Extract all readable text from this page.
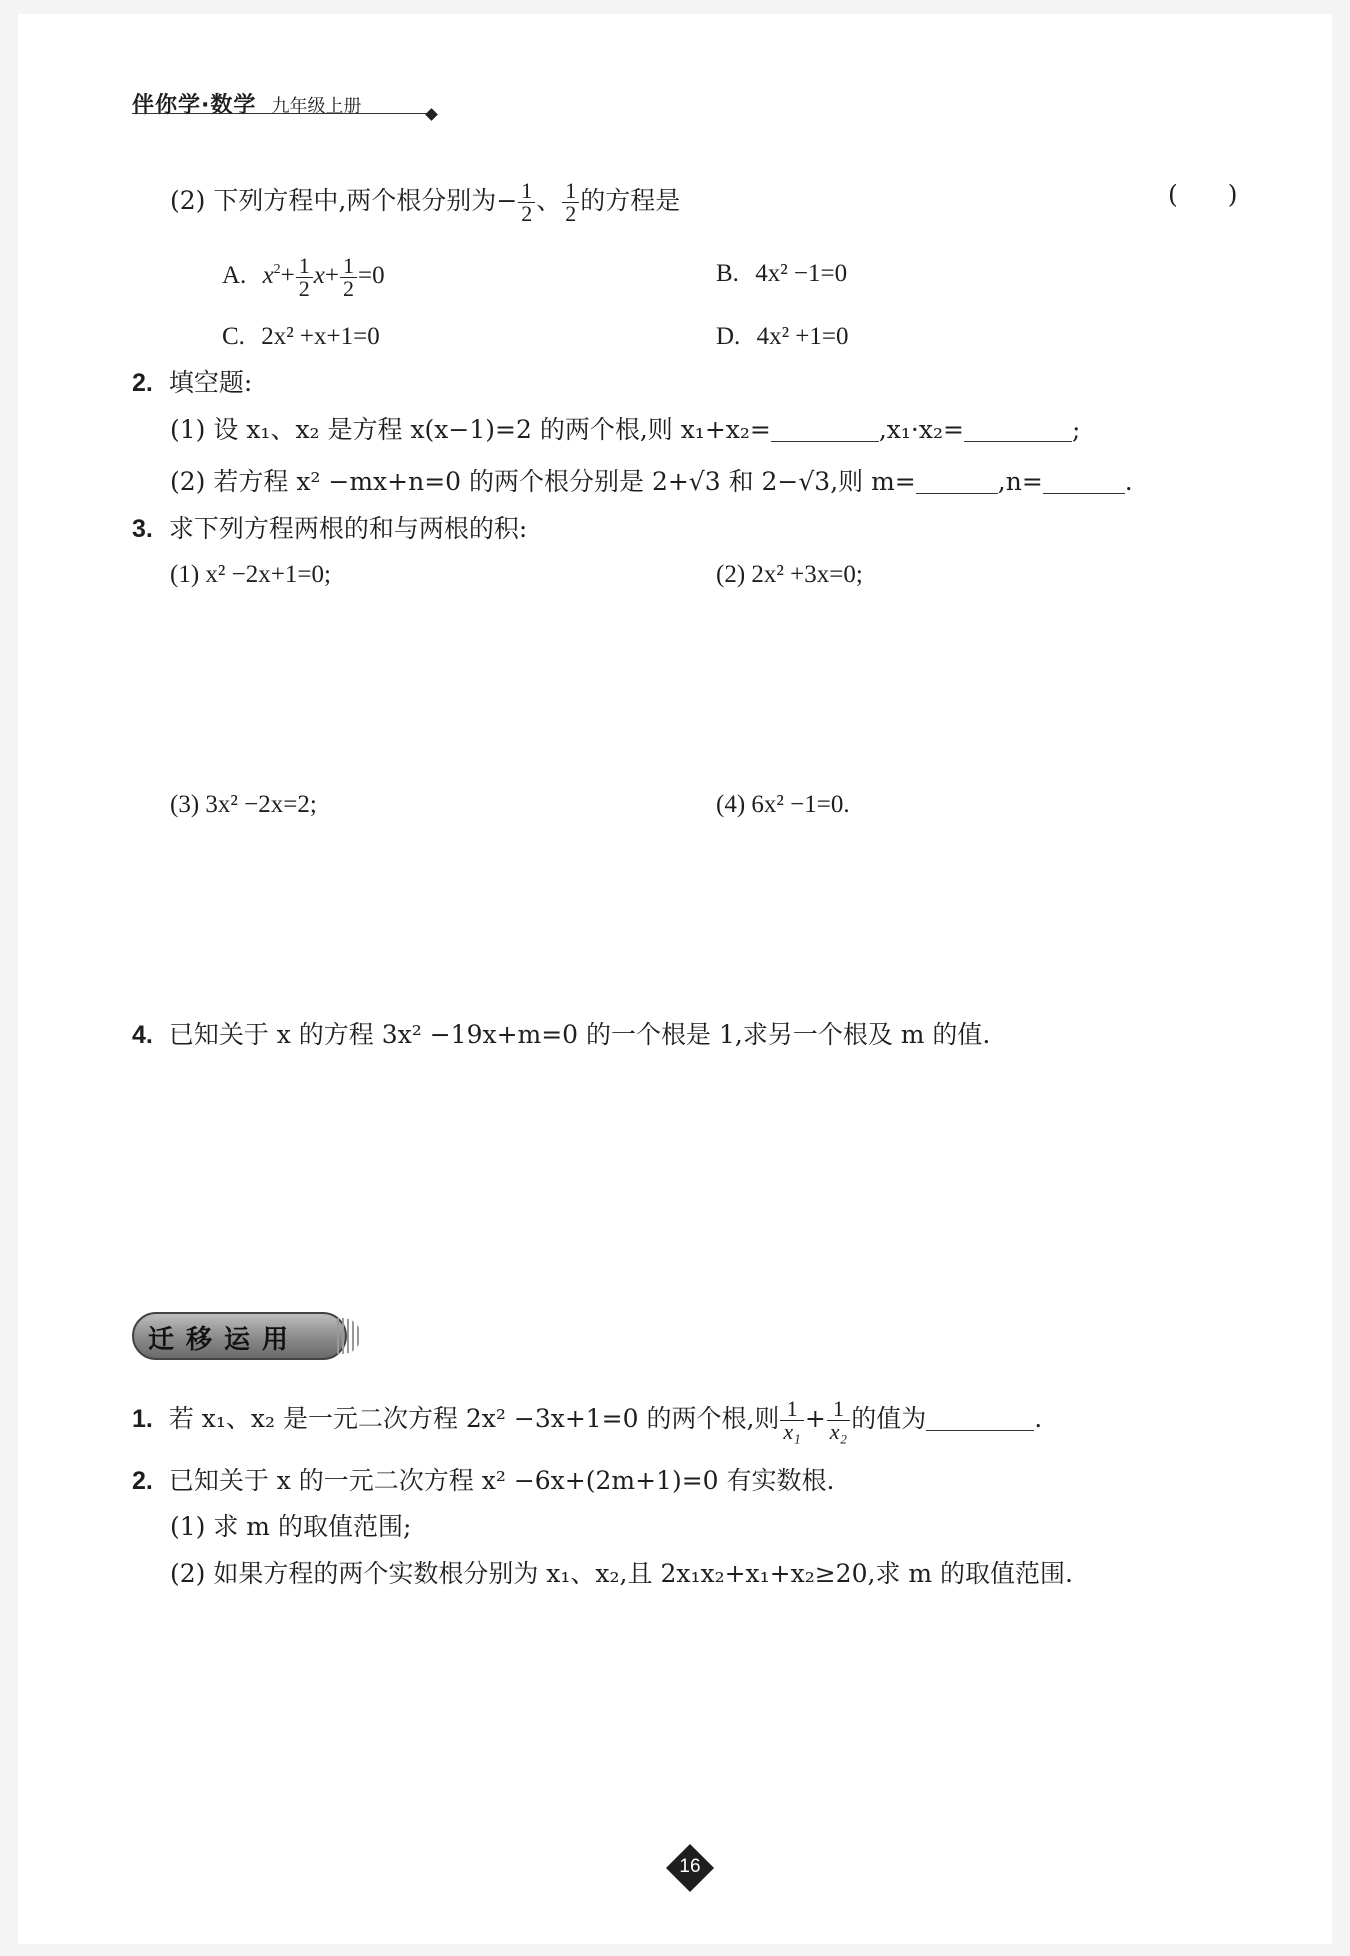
伴你学·数学 九年级上册
(2) 下列方程中,两个根分别为− $\frac{1}{2}$ 、 $\frac{1}{2}$ 的方程是	(　　)
A. $x^2+ \frac{1}{2} x+ \frac{1}{2} =0$	B. 4x² −1=0
C. 2x² +x+1=0	D. 4x² +1=0
2. 填空题:
(1) 设 x₁、x₂ 是方程 x(x−1)=2 的两个根,则 x₁+x₂=	,x₁·x₂=	;
(2) 若方程 x² −mx+n=0 的两个根分别是 2+√3 和 2−√3,则 m=	,n=	.
3. 求下列方程两根的和与两根的积:
(1) x² −2x+1=0;	(2) 2x² +3x=0;
(3) 3x² −2x=2;	(4) 6x² −1=0.
4. 已知关于 x 的方程 3x² −19x+m=0 的一个根是 1,求另一个根及 m 的值.
迁移运用
1. 若 x₁、x₂ 是一元二次方程 2x² −3x+1=0 的两个根,则 $\frac{1}{\text{x₁}} + \frac{1}{\text{x₂}}$ 的值为	.
2. 已知关于 x 的一元二次方程 x² −6x+(2m+1)=0 有实数根.
(1) 求 m 的取值范围;
(2) 如果方程的两个实数根分别为 x₁、x₂,且 2x₁x₂+x₁+x₂≥20,求 m 的取值范围.
16
